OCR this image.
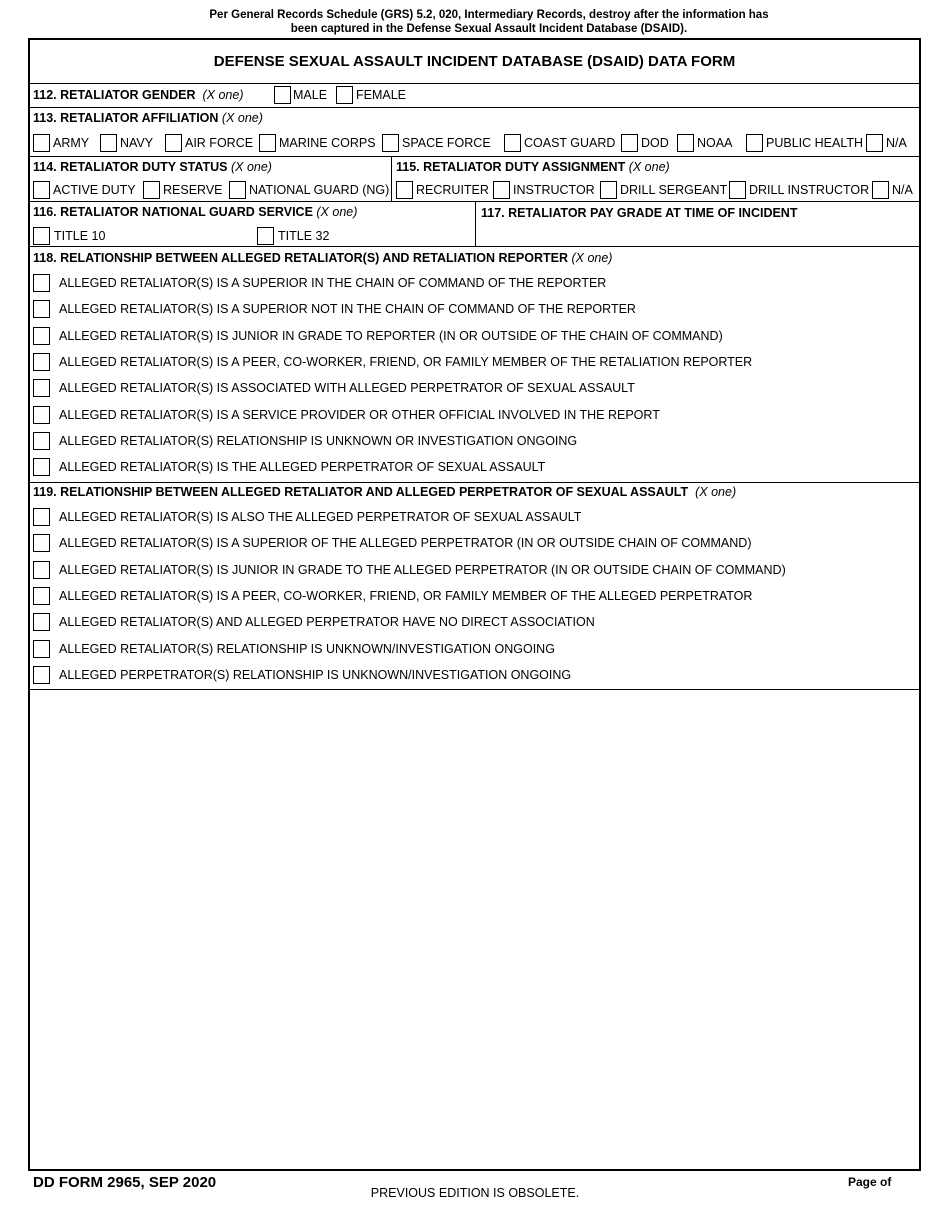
Per General Records Schedule (GRS) 5.2, 020, Intermediary Records, destroy after the information has
been captured in the Defense Sexual Assault Incident Database (DSAID).
DEFENSE SEXUAL ASSAULT INCIDENT DATABASE (DSAID) DATA FORM
112. RETALIATOR GENDER (X one)	MALE FEMALE
113. RETALIATOR AFFILIATION (X one)
ARMY NAVY	AIR FORCE MARINE CORPS SPACE FORCE	COAST GUARD DOD NOAA	PUBLIC HEALTH N/A
114. RETALIATOR DUTY STATUS (X one)
ACTIVE DUTY RESERVE NATIONAL GUARD (NG)
115. RETALIATOR DUTY ASSIGNMENT (X one)
RECRUITER INSTRUCTOR DRILL SERGEANT DRILL INSTRUCTOR N/A
116. RETALIATOR NATIONAL GUARD SERVICE (X one)
TITLE 10	TITLE 32
117. RETALIATOR PAY GRADE AT TIME OF INCIDENT
118. RELATIONSHIP BETWEEN ALLEGED RETALIATOR(S) AND RETALIATION REPORTER (X one)
ALLEGED RETALIATOR(S) IS A SUPERIOR IN THE CHAIN OF COMMAND OF THE REPORTER
ALLEGED RETALIATOR(S) IS A SUPERIOR NOT IN THE CHAIN OF COMMAND OF THE REPORTER
ALLEGED RETALIATOR(S) IS JUNIOR IN GRADE TO REPORTER (IN OR OUTSIDE OF THE CHAIN OF COMMAND)
ALLEGED RETALIATOR(S) IS A PEER, CO-WORKER, FRIEND, OR FAMILY MEMBER OF THE RETALIATION REPORTER
ALLEGED RETALIATOR(S) IS ASSOCIATED WITH ALLEGED PERPETRATOR OF SEXUAL ASSAULT
ALLEGED RETALIATOR(S) IS A SERVICE PROVIDER OR OTHER OFFICIAL INVOLVED IN THE REPORT
ALLEGED RETALIATOR(S) RELATIONSHIP IS UNKNOWN OR INVESTIGATION ONGOING
ALLEGED RETALIATOR(S) IS THE ALLEGED PERPETRATOR OF SEXUAL ASSAULT
119. RELATIONSHIP BETWEEN ALLEGED RETALIATOR AND ALLEGED PERPETRATOR OF SEXUAL ASSAULT (X one)
ALLEGED RETALIATOR(S) IS ALSO THE ALLEGED PERPETRATOR OF SEXUAL ASSAULT
ALLEGED RETALIATOR(S) IS A SUPERIOR OF THE ALLEGED PERPETRATOR (IN OR OUTSIDE CHAIN OF COMMAND)
ALLEGED RETALIATOR(S) IS JUNIOR IN GRADE TO THE ALLEGED PERPETRATOR (IN OR OUTSIDE CHAIN OF COMMAND)
ALLEGED RETALIATOR(S) IS A PEER, CO-WORKER, FRIEND, OR FAMILY MEMBER OF THE ALLEGED PERPETRATOR
ALLEGED RETALIATOR(S) AND ALLEGED PERPETRATOR HAVE NO DIRECT ASSOCIATION
ALLEGED RETALIATOR(S) RELATIONSHIP IS UNKNOWN/INVESTIGATION ONGOING
ALLEGED PERPETRATOR(S) RELATIONSHIP IS UNKNOWN/INVESTIGATION ONGOING
DD FORM 2965, SEP 2020
PREVIOUS EDITION IS OBSOLETE.
Page of
